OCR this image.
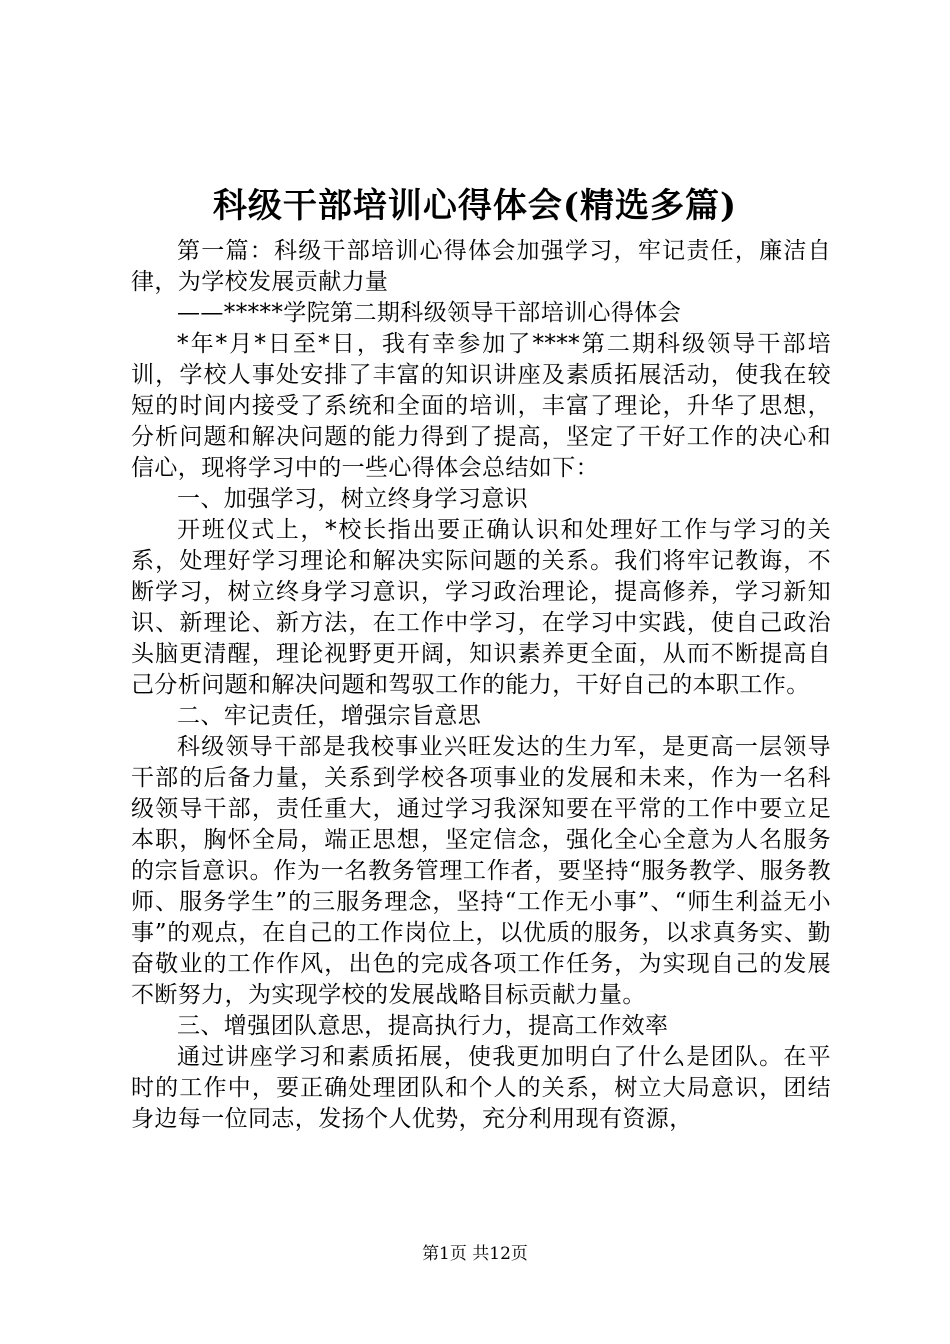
科级干部培训心得体会(精选多篇)

第一篇：科级干部培训心得体会加强学习，牢记责任，廉洁自律，为学校发展贡献力量

——*****学院第二期科级领导干部培训心得体会

*年*月*日至*日，我有幸参加了****第二期科级领导干部培训，学校人事处安排了丰富的知识讲座及素质拓展活动，使我在较短的时间内接受了系统和全面的培训，丰富了理论，升华了思想，分析问题和解决问题的能力得到了提高，坚定了干好工作的决心和信心，现将学习中的一些心得体会总结如下：

一、加强学习，树立终身学习意识

开班仪式上，*校长指出要正确认识和处理好工作与学习的关系，处理好学习理论和解决实际问题的关系。我们将牢记教诲，不断学习，树立终身学习意识，学习政治理论，提高修养，学习新知识、新理论、新方法，在工作中学习，在学习中实践，使自己政治头脑更清醒，理论视野更开阔，知识素养更全面，从而不断提高自己分析问题和解决问题和驾驭工作的能力，干好自己的本职工作。

二、牢记责任，增强宗旨意思

科级领导干部是我校事业兴旺发达的生力军，是更高一层领导干部的后备力量，关系到学校各项事业的发展和未来，作为一名科级领导干部，责任重大，通过学习我深知要在平常的工作中要立足本职，胸怀全局，端正思想，坚定信念，强化全心全意为人名服务的宗旨意识。作为一名教务管理工作者，要坚持“服务教学、服务教师、服务学生”的三服务理念，坚持“工作无小事”、“师生利益无小事”的观点，在自己的工作岗位上，以优质的服务，以求真务实、勤奋敬业的工作作风，出色的完成各项工作任务，为实现自己的发展不断努力，为实现学校的发展战略目标贡献力量。

三、增强团队意思，提高执行力，提高工作效率

通过讲座学习和素质拓展，使我更加明白了什么是团队。在平时的工作中，要正确处理团队和个人的关系，树立大局意识，团结身边每一位同志，发扬个人优势，充分利用现有资源，

第1页 共12页
